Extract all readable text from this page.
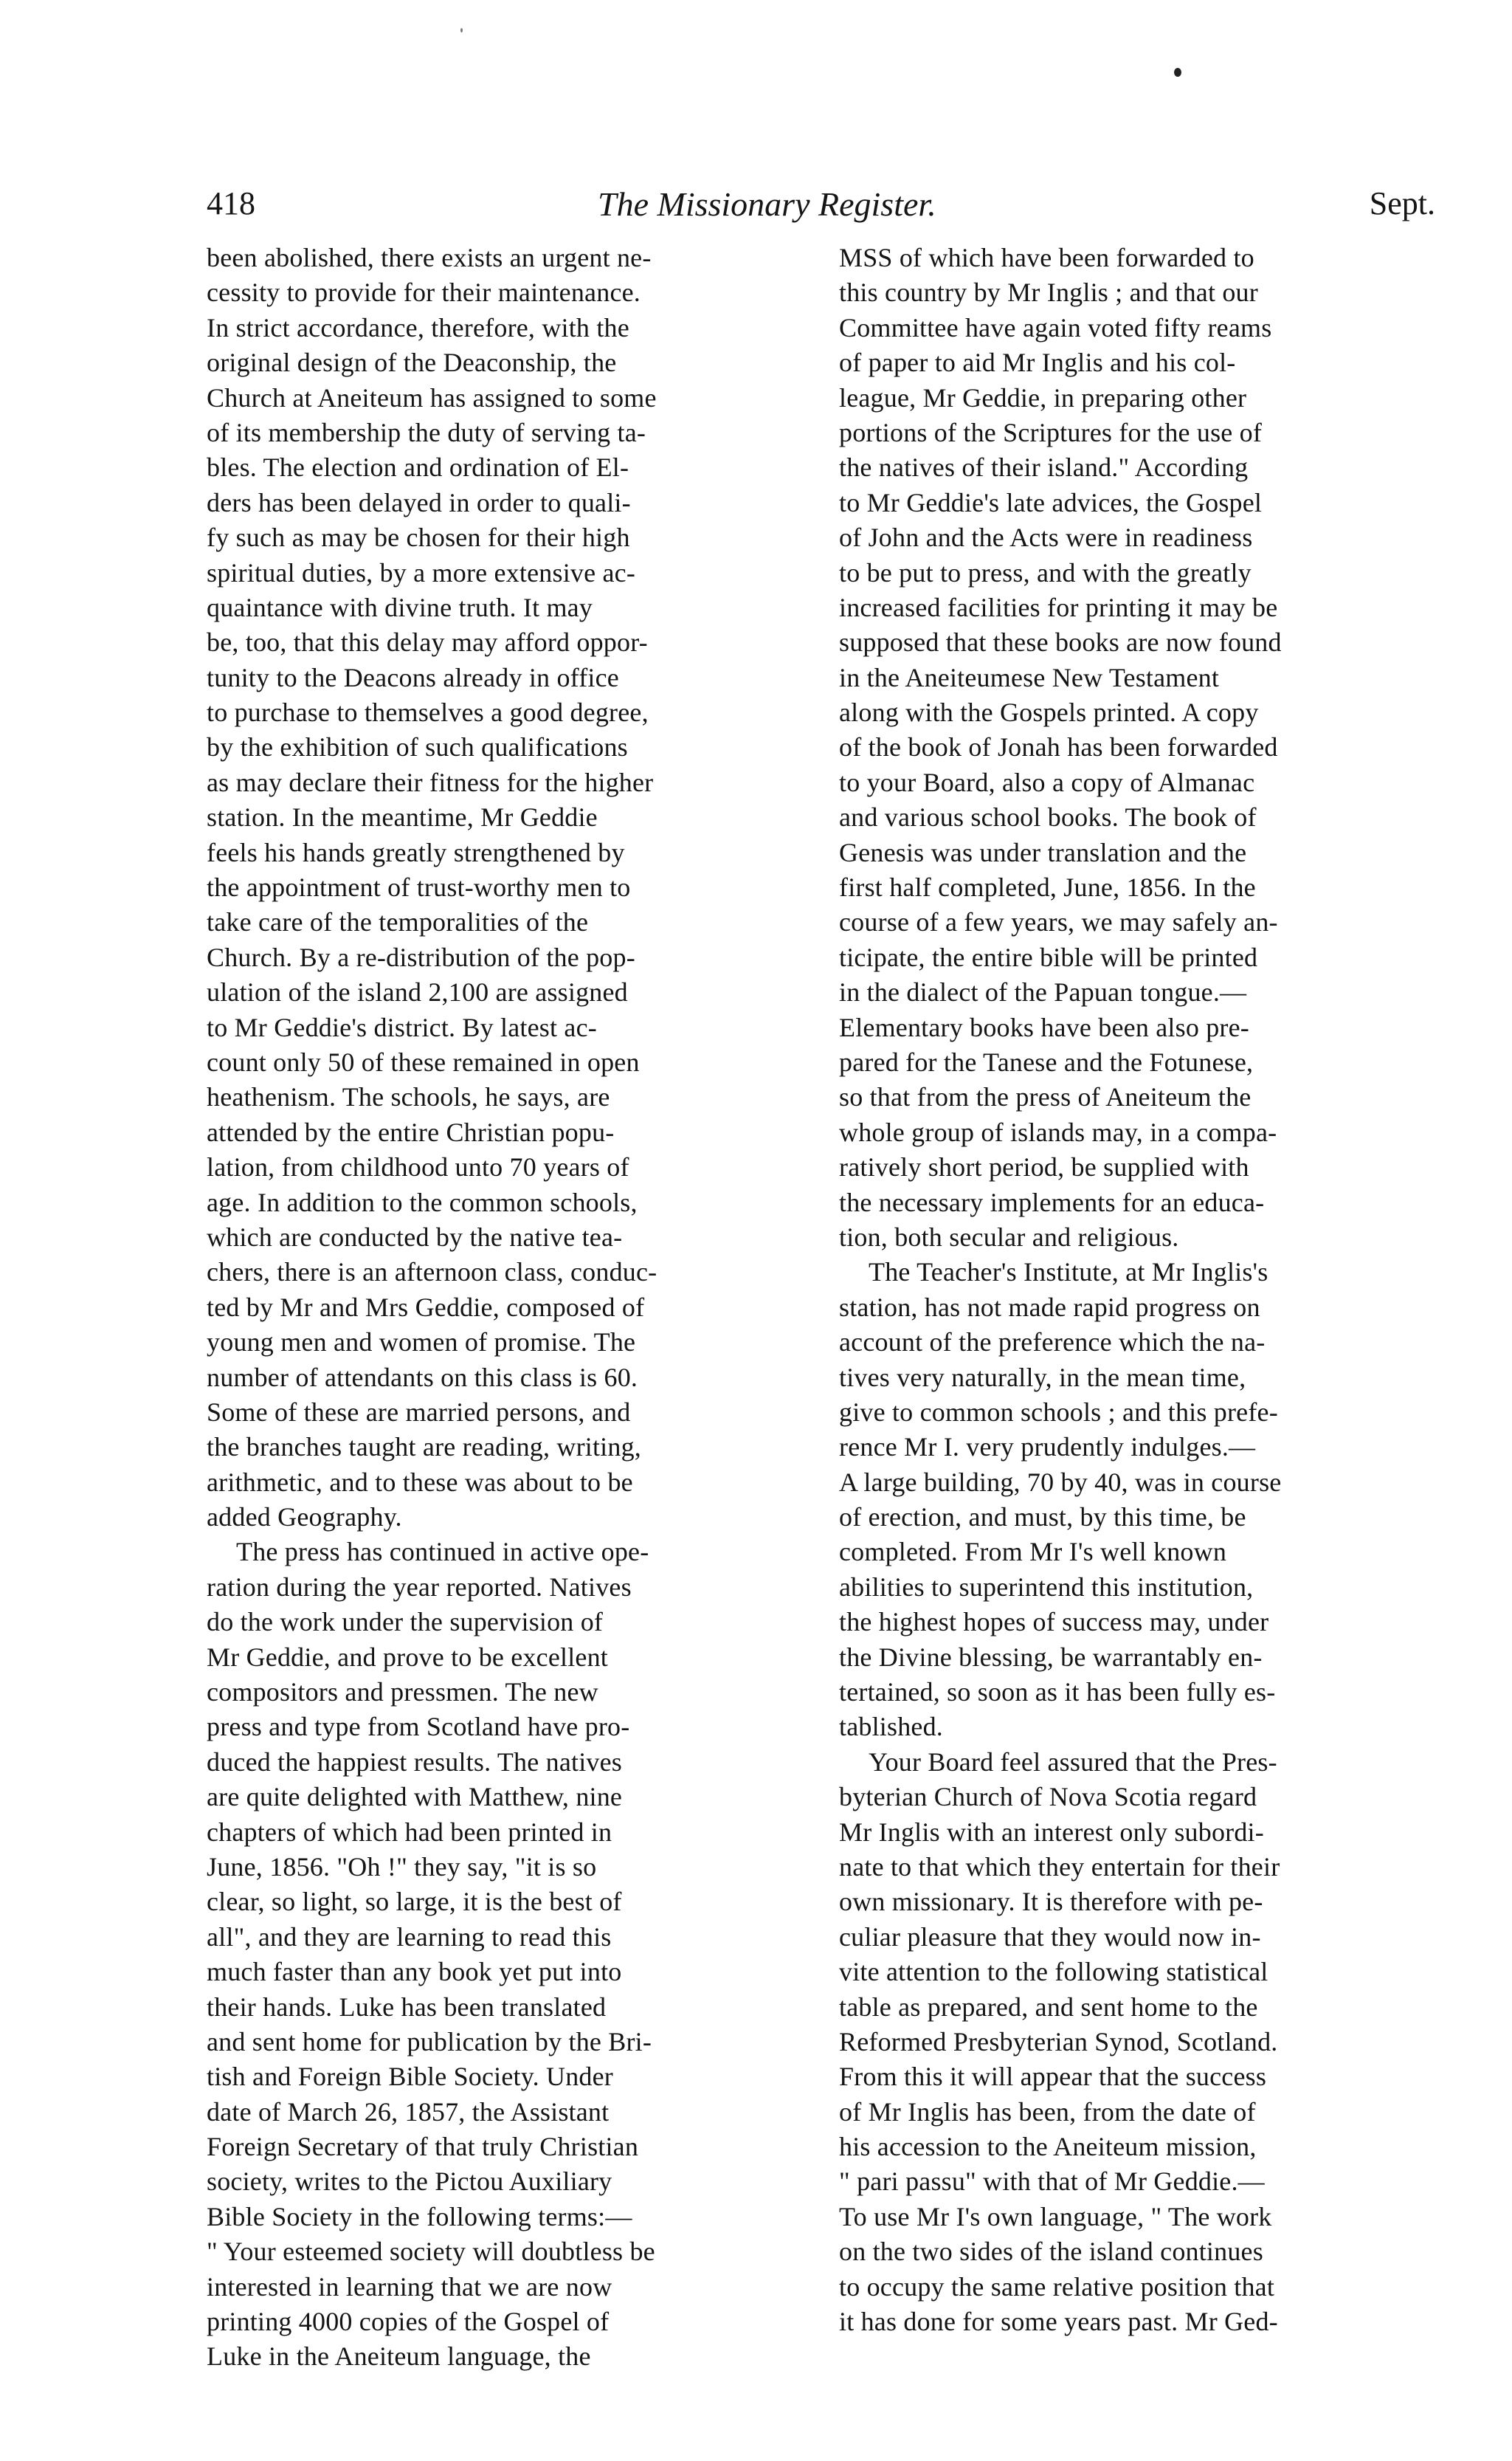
418	The Missionary Register.	Sept.
been abolished, there exists an urgent ne-
cessity to provide for their maintenance.
In strict accordance, therefore, with the
original design of the Deaconship, the
Church at Aneiteum has assigned to some
of its membership the duty of serving ta-
bles. The election and ordination of El-
ders has been delayed in order to quali-
fy such as may be chosen for their high
spiritual duties, by a more extensive ac-
quaintance with divine truth. It may
be, too, that this delay may afford oppor-
tunity to the Deacons already in office
to purchase to themselves a good degree,
by the exhibition of such qualifications
as may declare their fitness for the higher
station. In the meantime, Mr Geddie
feels his hands greatly strengthened by
the appointment of trust-worthy men to
take care of the temporalities of the
Church. By a re-distribution of the pop-
ulation of the island 2,100 are assigned
to Mr Geddie's district. By latest ac-
count only 50 of these remained in open
heathenism. The schools, he says, are
attended by the entire Christian popu-
lation, from childhood unto 70 years of
age. In addition to the common schools,
which are conducted by the native tea-
chers, there is an afternoon class, conduc-
ted by Mr and Mrs Geddie, composed of
young men and women of promise. The
number of attendants on this class is 60.
Some of these are married persons, and
the branches taught are reading, writing,
arithmetic, and to these was about to be
added Geography.
The press has continued in active ope-
ration during the year reported. Natives
do the work under the supervision of
Mr Geddie, and prove to be excellent
compositors and pressmen. The new
press and type from Scotland have pro-
duced the happiest results. The natives
are quite delighted with Matthew, nine
chapters of which had been printed in
June, 1856. "Oh !" they say, "it is so
clear, so light, so large, it is the best of
all", and they are learning to read this
much faster than any book yet put into
their hands. Luke has been translated
and sent home for publication by the Bri-
tish and Foreign Bible Society. Under
date of March 26, 1857, the Assistant
Foreign Secretary of that truly Christian
society, writes to the Pictou Auxiliary
Bible Society in the following terms:—
" Your esteemed society will doubtless be
interested in learning that we are now
printing 4000 copies of the Gospel of
Luke in the Aneiteum language, the
MSS of which have been forwarded to
this country by Mr Inglis ; and that our
Committee have again voted fifty reams
of paper to aid Mr Inglis and his col-
league, Mr Geddie, in preparing other
portions of the Scriptures for the use of
the natives of their island." According
to Mr Geddie's late advices, the Gospel
of John and the Acts were in readiness
to be put to press, and with the greatly
increased facilities for printing it may be
supposed that these books are now found
in the Aneiteumese New Testament
along with the Gospels printed. A copy
of the book of Jonah has been forwarded
to your Board, also a copy of Almanac
and various school books. The book of
Genesis was under translation and the
first half completed, June, 1856. In the
course of a few years, we may safely an-
ticipate, the entire bible will be printed
in the dialect of the Papuan tongue.—
Elementary books have been also pre-
pared for the Tanese and the Fotunese,
so that from the press of Aneiteum the
whole group of islands may, in a compa-
ratively short period, be supplied with
the necessary implements for an educa-
tion, both secular and religious.
The Teacher's Institute, at Mr Inglis's
station, has not made rapid progress on
account of the preference which the na-
tives very naturally, in the mean time,
give to common schools ; and this prefe-
rence Mr I. very prudently indulges.—
A large building, 70 by 40, was in course
of erection, and must, by this time, be
completed. From Mr I's well known
abilities to superintend this institution,
the highest hopes of success may, under
the Divine blessing, be warrantably en-
tertained, so soon as it has been fully es-
tablished.
Your Board feel assured that the Pres-
byterian Church of Nova Scotia regard
Mr Inglis with an interest only subordi-
nate to that which they entertain for their
own missionary. It is therefore with pe-
culiar pleasure that they would now in-
vite attention to the following statistical
table as prepared, and sent home to the
Reformed Presbyterian Synod, Scotland.
From this it will appear that the success
of Mr Inglis has been, from the date of
his accession to the Aneiteum mission,
" pari passu" with that of Mr Geddie.—
To use Mr I's own language, " The work
on the two sides of the island continues
to occupy the same relative position that
it has done for some years past. Mr Ged-
